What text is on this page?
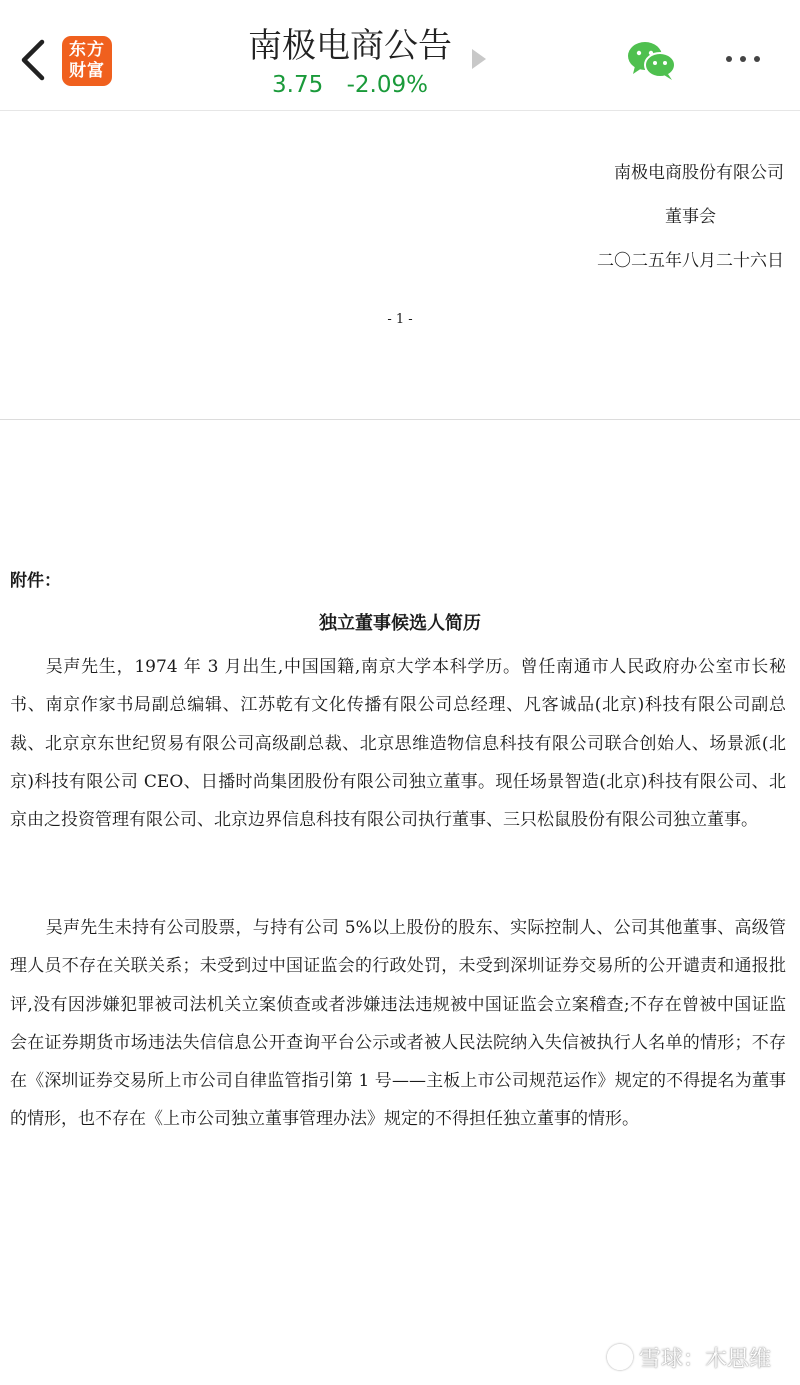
东方
财富
南极电商公告
3.75 -2.09%
南极电商股份有限公司
董事会
二〇二五年八月二十六日
- 1 -
附件：
独立董事候选人简历

吴声先生，1974 年 3 月出生,中国国籍,南京大学本科学历。曾任南通市人民政府办公室市长秘书、南京作家书局副总编辑、江苏乾有文化传播有限公司总经理、凡客诚品(北京)科技有限公司副总裁、北京京东世纪贸易有限公司高级副总裁、北京思维造物信息科技有限公司联合创始人、场景派(北京)科技有限公司 CEO、日播时尚集团股份有限公司独立董事。现任场景智造(北京)科技有限公司、北京由之投资管理有限公司、北京边界信息科技有限公司执行董事、三只松鼠股份有限公司独立董事。

吴声先生未持有公司股票，与持有公司 5%以上股份的股东、实际控制人、公司其他董事、高级管理人员不存在关联关系；未受到过中国证监会的行政处罚，未受到深圳证券交易所的公开谴责和通报批评,没有因涉嫌犯罪被司法机关立案侦查或者涉嫌违法违规被中国证监会立案稽查;不存在曾被中国证监会在证券期货市场违法失信信息公开查询平台公示或者被人民法院纳入失信被执行人名单的情形；不存在《深圳证券交易所上市公司自律监管指引第 1 号——主板上市公司规范运作》规定的不得提名为董事的情形，也不存在《上市公司独立董事管理办法》规定的不得担任独立董事的情形。

雪球：木思维
